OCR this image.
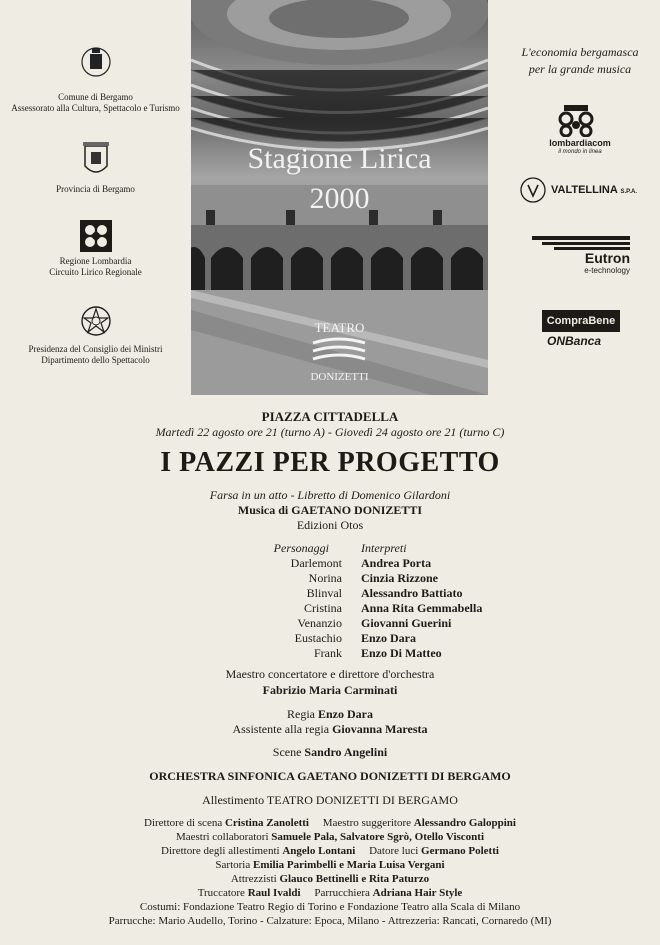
Comune di Bergamo
Assessorato alla Cultura, Spettacolo e Turismo
Provincia di Bergamo
Regione Lombardia
Circuito Lirico Regionale
Presidenza del Consiglio dei Ministri
Dipartimento dello Spettacolo
Stagione Lirica
2000
TEATRO
DONIZETTI
L'economia bergamasca
per la grande musica
lombardiacom
il mondo in linea
VALTELLINA S.P.A.
Eutron
e-technology
CompraBene
ONBanca
PIAZZA CITTADELLA
Martedì 22 agosto ore 21 (turno A) - Giovedì 24 agosto ore 21 (turno C)
I PAZZI PER PROGETTO
Farsa in un atto - Libretto di Domenico Gilardoni
Musica di GAETANO DONIZETTI
Edizioni Otos
Personaggi	Interpreti
Darlemont Andrea Porta
Norina Cinzia Rizzone
Blinval Alessandro Battiato
Cristina Anna Rita Gemmabella
Venanzio Giovanni Guerini
Eustachio Enzo Dara
Frank Enzo Di Matteo
Maestro concertatore e direttore d'orchestra
Fabrizio Maria Carminati
Regia Enzo Dara
Assistente alla regia Giovanna Maresta
Scene Sandro Angelini
ORCHESTRA SINFONICA GAETANO DONIZETTI DI BERGAMO
Allestimento TEATRO DONIZETTI DI BERGAMO
Direttore di scena Cristina Zanoletti Maestro suggeritore Alessandro Galoppini
Maestri collaboratori Samuele Pala, Salvatore Sgrò, Otello Visconti
Direttore degli allestimenti Angelo Lontani Datore luci Germano Poletti
Sartoria Emilia Parimbelli e Maria Luisa Vergani
Attrezzisti Glauco Bettinelli e Rita Paturzo
Truccatore Raul Ivaldi Parrucchiera Adriana Hair Style
Costumi: Fondazione Teatro Regio di Torino e Fondazione Teatro alla Scala di Milano
Parrucche: Mario Audello, Torino - Calzature: Epoca, Milano - Attrezzeria: Rancati, Cornaredo (MI)
